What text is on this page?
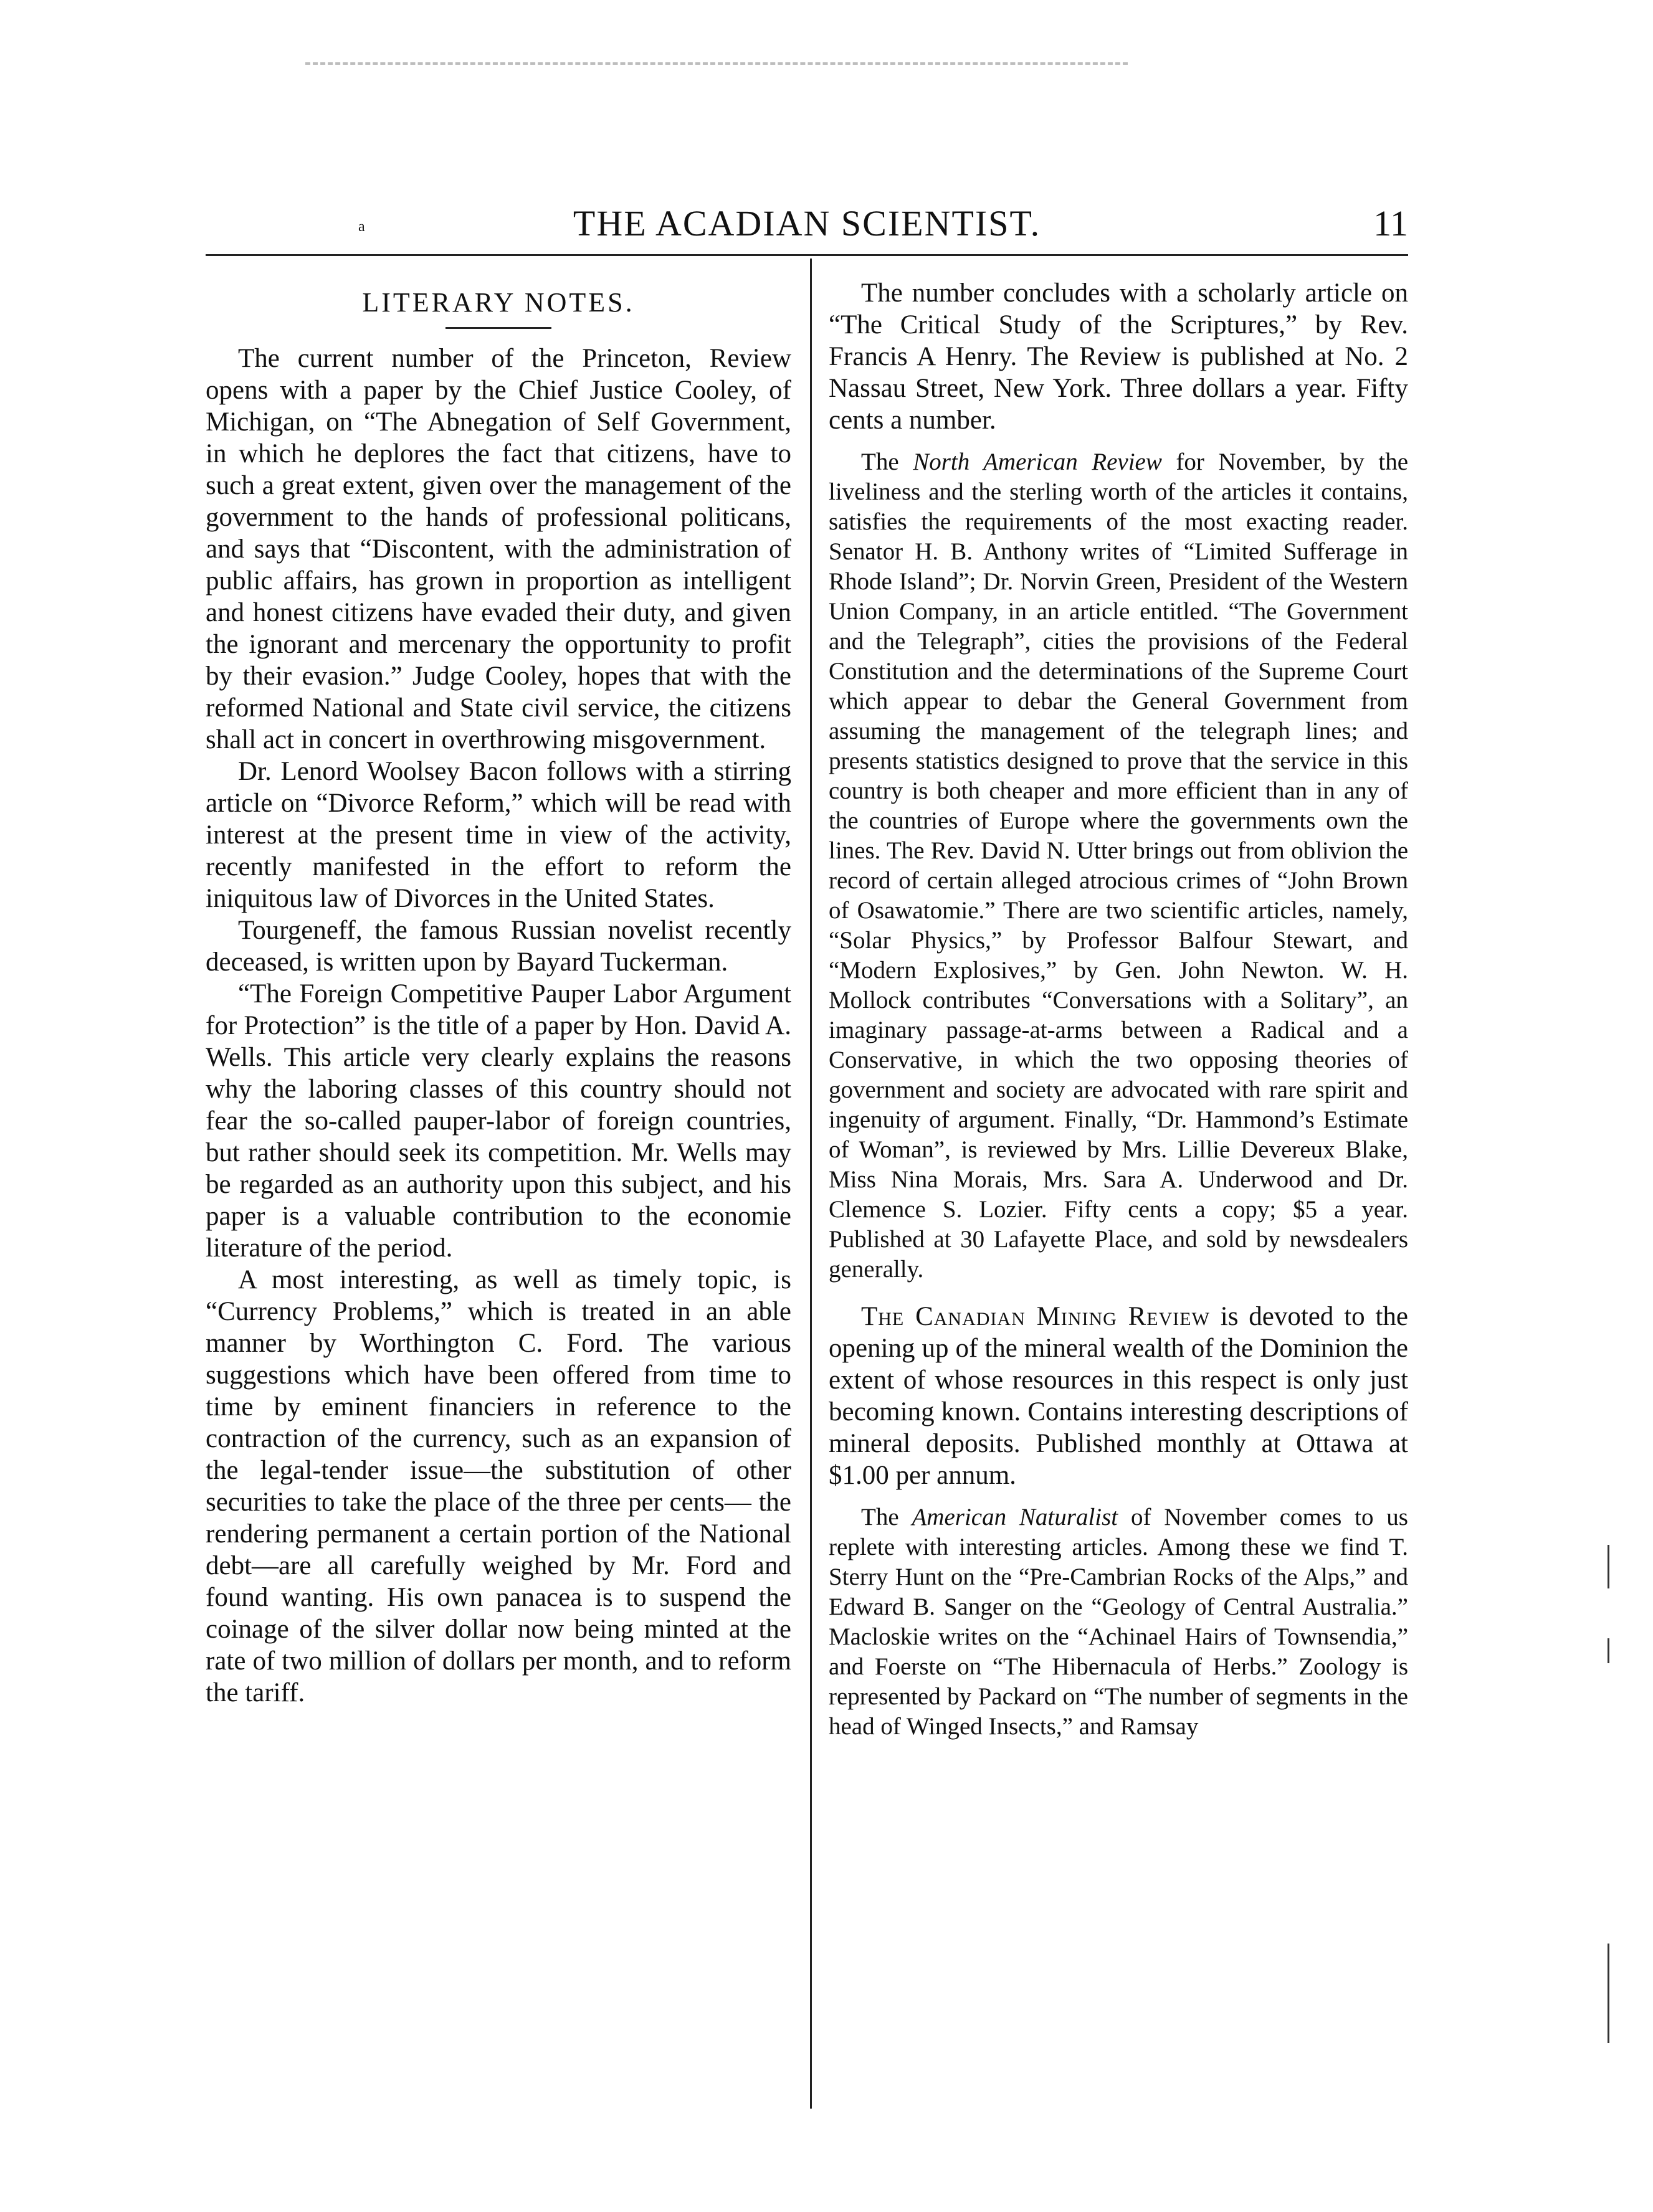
a	THE ACADIAN SCIENTIST.	11
LITERARY NOTES.

The current number of the Princeton, Review opens with a paper by the Chief Justice Cooley, of Michigan, on “The Abnegation of Self Government, in which he deplores the fact that citizens, have to such a great extent, given over the management of the government to the hands of professional politicans, and says that “Discontent, with the administration of public affairs, has grown in proportion as intelligent and honest citizens have evaded their duty, and given the ignorant and mercenary the opportunity to profit by their evasion.” Judge Cooley, hopes that with the reformed National and State civil service, the citizens shall act in concert in overthrowing misgovernment.

Dr. Lenord Woolsey Bacon follows with a stirring article on “Divorce Reform,” which will be read with interest at the present time in view of the activity, recently manifested in the effort to reform the iniquitous law of Divorces in the United States.

Tourgeneff, the famous Russian novelist recently deceased, is written upon by Bayard Tuckerman.

“The Foreign Competitive Pauper Labor Argument for Protection” is the title of a paper by Hon. David A. Wells. This article very clearly explains the reasons why the laboring classes of this country should not fear the so-called pauper-labor of foreign countries, but rather should seek its competition. Mr. Wells may be regarded as an authority upon this subject, and his paper is a valuable contribution to the economie literature of the period.

A most interesting, as well as timely topic, is “Currency Problems,” which is treated in an able manner by Worthington C. Ford. The various suggestions which have been offered from time to time by eminent financiers in reference to the contraction of the currency, such as an expansion of the legal-tender issue—the substitution of other securities to take the place of the three per cents— the rendering permanent a certain portion of the National debt—are all carefully weighed by Mr. Ford and found wanting. His own panacea is to suspend the coinage of the silver dollar now being minted at the rate of two million of dollars per month, and to reform the tariff.

The number concludes with a scholarly article on “The Critical Study of the Scriptures,” by Rev. Francis A Henry. The Review is published at No. 2 Nassau Street, New York. Three dollars a year. Fifty cents a number.

The North American Review for November, by the liveliness and the sterling worth of the articles it contains, satisfies the requirements of the most exacting reader. Senator H. B. Anthony writes of “Limited Sufferage in Rhode Island”; Dr. Norvin Green, President of the Western Union Company, in an article entitled. “The Government and the Telegraph”, cities the provisions of the Federal Constitution and the determinations of the Supreme Court which appear to debar the General Government from assuming the management of the telegraph lines; and presents statistics designed to prove that the service in this country is both cheaper and more efficient than in any of the countries of Europe where the governments own the lines. The Rev. David N. Utter brings out from oblivion the record of certain alleged atrocious crimes of “John Brown of Osawatomie.” There are two scientific articles, namely, “Solar Physics,” by Professor Balfour Stewart, and “Modern Explosives,” by Gen. John Newton. W. H. Mollock contributes “Conversations with a Solitary”, an imaginary passage-at-arms between a Radical and a Conservative, in which the two opposing theories of government and society are advocated with rare spirit and ingenuity of argument. Finally, “Dr. Hammond’s Estimate of Woman”, is reviewed by Mrs. Lillie Devereux Blake, Miss Nina Morais, Mrs. Sara A. Underwood and Dr. Clemence S. Lozier. Fifty cents a copy; $5 a year. Published at 30 Lafayette Place, and sold by newsdealers generally.

The Canadian Mining Review is devoted to the opening up of the mineral wealth of the Dominion the extent of whose resources in this respect is only just becoming known. Contains interesting descriptions of mineral deposits. Published monthly at Ottawa at $1.00 per annum.

The American Naturalist of November comes to us replete with interesting articles. Among these we find T. Sterry Hunt on the “Pre-Cambrian Rocks of the Alps,” and Edward B. Sanger on the “Geology of Central Australia.” Macloskie writes on the “Achinael Hairs of Townsendia,” and Foerste on “The Hibernacula of Herbs.” Zoology is represented by Packard on “The number of segments in the head of Winged Insects,” and Ramsay
